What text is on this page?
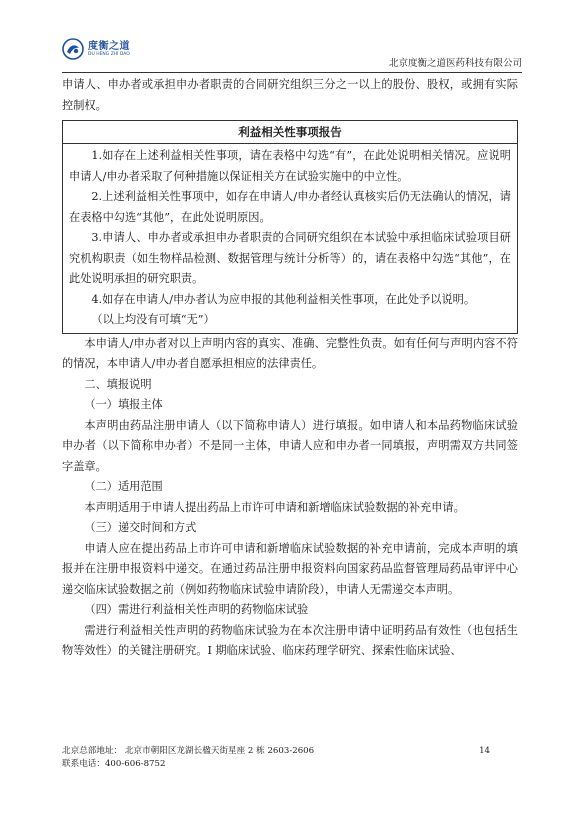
度衡之道
DU HENG ZHI DAO
北京度衡之道医药科技有限公司

申请人、申办者或承担申办者职责的合同研究组织三分之一以上的股份、股权，或拥有实际控制权。

利益相关性事项报告

1.如存在上述利益相关性事项，请在表格中勾选“有”，在此处说明相关情况。应说明申请人/申办者采取了何种措施以保证相关方在试验实施中的中立性。

2.上述利益相关性事项中，如存在申请人/申办者经认真核实后仍无法确认的情况，请在表格中勾选“其他”，在此处说明原因。

3.申请人、申办者或承担申办者职责的合同研究组织在本试验中承担临床试验项目研究机构职责（如生物样品检测、数据管理与统计分析等）的，请在表格中勾选“其他”，在此处说明承担的研究职责。

4.如存在申请人/申办者认为应申报的其他利益相关性事项，在此处予以说明。

（以上均没有可填“无”）

本申请人/申办者对以上声明内容的真实、准确、完整性负责。如有任何与声明内容不符的情况，本申请人/申办者自愿承担相应的法律责任。

二、填报说明

（一）填报主体

本声明由药品注册申请人（以下简称申请人）进行填报。如申请人和本品药物临床试验申办者（以下简称申办者）不是同一主体，申请人应和申办者一同填报，声明需双方共同签字盖章。

（二）适用范围

本声明适用于申请人提出药品上市许可申请和新增临床试验数据的补充申请。

（三）递交时间和方式

申请人应在提出药品上市许可申请和新增临床试验数据的补充申请前，完成本声明的填报并在注册申报资料中递交。在通过药品注册申报资料向国家药品监督管理局药品审评中心递交临床试验数据之前（例如药物临床试验申请阶段），申请人无需递交本声明。

（四）需进行利益相关性声明的药物临床试验

需进行利益相关性声明的药物临床试验为在本次注册申请中证明药品有效性（也包括生物等效性）的关键注册研究。I 期临床试验、临床药理学研究、探索性临床试验、

北京总部地址： 北京市朝阳区龙湖长楹天街星座 2 栋 2603-2606
联系电话：400-606-8752
14
